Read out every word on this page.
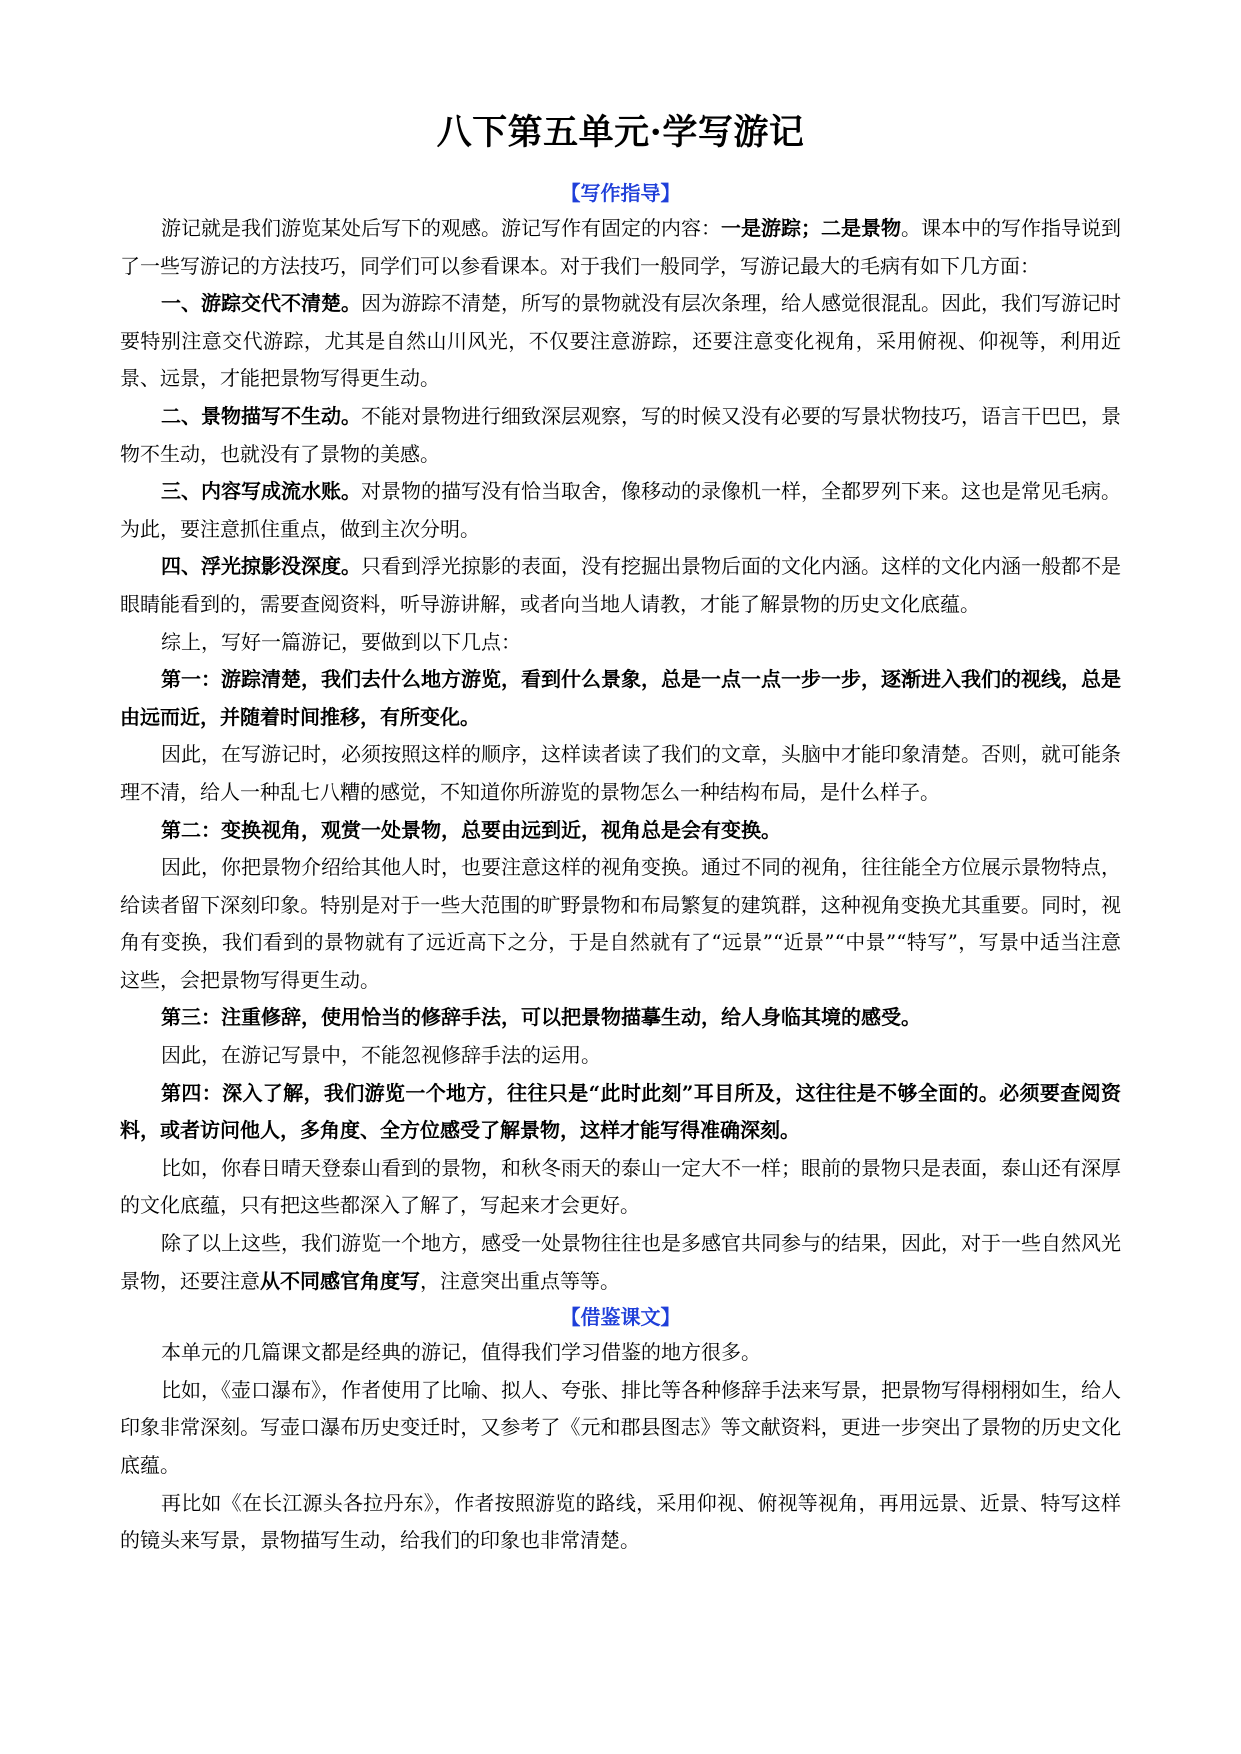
八下第五单元·学写游记
【写作指导】

游记就是我们游览某处后写下的观感。游记写作有固定的内容：一是游踪；二是景物。课本中的写作指导说到了一些写游记的方法技巧，同学们可以参看课本。对于我们一般同学，写游记最大的毛病有如下几方面：

一、游踪交代不清楚。因为游踪不清楚，所写的景物就没有层次条理，给人感觉很混乱。因此，我们写游记时要特别注意交代游踪，尤其是自然山川风光，不仅要注意游踪，还要注意变化视角，采用俯视、仰视等，利用近景、远景，才能把景物写得更生动。

二、景物描写不生动。不能对景物进行细致深层观察，写的时候又没有必要的写景状物技巧，语言干巴巴，景物不生动，也就没有了景物的美感。

三、内容写成流水账。对景物的描写没有恰当取舍，像移动的录像机一样，全都罗列下来。这也是常见毛病。为此，要注意抓住重点，做到主次分明。

四、浮光掠影没深度。只看到浮光掠影的表面，没有挖掘出景物后面的文化内涵。这样的文化内涵一般都不是眼睛能看到的，需要查阅资料，听导游讲解，或者向当地人请教，才能了解景物的历史文化底蕴。

综上，写好一篇游记，要做到以下几点：

第一：游踪清楚，我们去什么地方游览，看到什么景象，总是一点一点一步一步，逐渐进入我们的视线，总是由远而近，并随着时间推移，有所变化。

因此，在写游记时，必须按照这样的顺序，这样读者读了我们的文章，头脑中才能印象清楚。否则，就可能条理不清，给人一种乱七八糟的感觉，不知道你所游览的景物怎么一种结构布局，是什么样子。

第二：变换视角，观赏一处景物，总要由远到近，视角总是会有变换。

因此，你把景物介绍给其他人时，也要注意这样的视角变换。通过不同的视角，往往能全方位展示景物特点，给读者留下深刻印象。特别是对于一些大范围的旷野景物和布局繁复的建筑群，这种视角变换尤其重要。同时，视角有变换，我们看到的景物就有了远近高下之分，于是自然就有了“远景”“近景”“中景”“特写”，写景中适当注意这些，会把景物写得更生动。

第三：注重修辞，使用恰当的修辞手法，可以把景物描摹生动，给人身临其境的感受。

因此，在游记写景中，不能忽视修辞手法的运用。

第四：深入了解，我们游览一个地方，往往只是“此时此刻”耳目所及，这往往是不够全面的。必须要查阅资料，或者访问他人，多角度、全方位感受了解景物，这样才能写得准确深刻。

比如，你春日晴天登泰山看到的景物，和秋冬雨天的泰山一定大不一样；眼前的景物只是表面，泰山还有深厚的文化底蕴，只有把这些都深入了解了，写起来才会更好。

除了以上这些，我们游览一个地方，感受一处景物往往也是多感官共同参与的结果，因此，对于一些自然风光景物，还要注意从不同感官角度写，注意突出重点等等。

【借鉴课文】

本单元的几篇课文都是经典的游记，值得我们学习借鉴的地方很多。

比如，《壶口瀑布》，作者使用了比喻、拟人、夸张、排比等各种修辞手法来写景，把景物写得栩栩如生，给人印象非常深刻。写壶口瀑布历史变迁时，又参考了《元和郡县图志》等文献资料，更进一步突出了景物的历史文化底蕴。

再比如《在长江源头各拉丹东》，作者按照游览的路线，采用仰视、俯视等视角，再用远景、近景、特写这样的镜头来写景，景物描写生动，给我们的印象也非常清楚。
